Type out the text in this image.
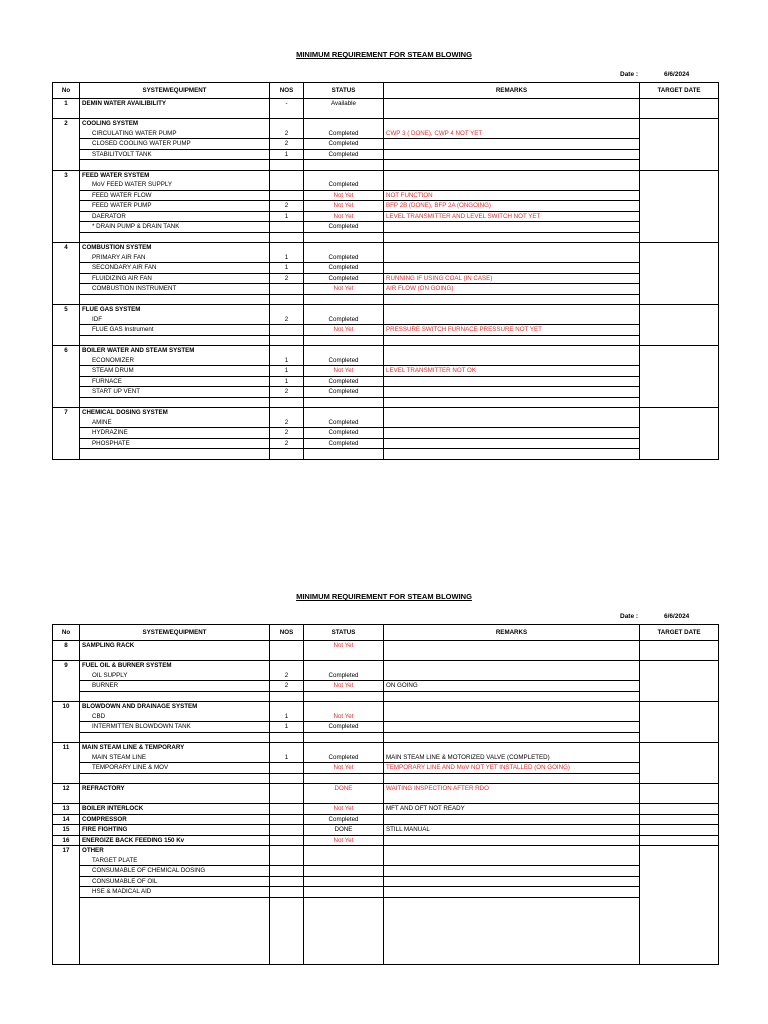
MINIMUM REQUIREMENT FOR STEAM BLOWING
Date :	6/6/2024
No	SYSTEM/EQUIPMENT	NOS	STATUS	REMARKS	TARGET DATE
1	DEMIN WATER AVAILIBILITY	-	Available		

2	COOLING SYSTEM				
	CIRCULATING WATER PUMP	2	Completed	CWP 3 ( DONE), CWP 4 NOT YET	
	CLOSED COOLING WATER PUMP	2	Completed		
	STABILITVOLT TANK	1	Completed		

3	FEED WATER SYSTEM				
	MoV FEED WATER SUPPLY		Completed		
	FEED WATER FLOW		Not Yet	NOT FUNCTION	
	FEED WATER PUMP	2	Not Yet	BFP 2B (DONE), BFP 2A (ONGOING)	
	DAERATOR	1	Not Yet	LEVEL TRANSMITTER AND LEVEL SWITCH NOT YET	
	* DRAIN PUMP & DRAIN TANK		Completed		

4	COMBUSTION SYSTEM				
	PRIMARY AIR FAN	1	Completed		
	SECONDARY AIR FAN	1	Completed		
	FLUIDIZING AIR FAN	2	Completed	RUNNING IF USING COAL (IN CASE)	
	COMBUSTION INSTRUMENT		Not Yet	AIR FLOW (ON GOING)	

5	FLUE GAS SYSTEM				
	IDF	2	Completed		
	FLUE GAS Instrument		Not Yet	PRESSURE SWITCH FURNACE PRESSURE NOT YET	

6	BOILER WATER AND STEAM SYSTEM				
	ECONOMIZER	1	Completed		
	STEAM DRUM	1	Not Yet	LEVEL TRANSMITTER NOT OK	
	FURNACE	1	Completed		
	START UP VENT	2	Completed		

7	CHEMICAL DOSING SYSTEM				
	AMINE	2	Completed		
	HYDRAZINE	2	Completed		
	PHOSPHATE	2	Completed		

MINIMUM REQUIREMENT FOR STEAM BLOWING
Date :	6/6/2024
No	SYSTEM/EQUIPMENT	NOS	STATUS	REMARKS	TARGET DATE
8	SAMPLING RACK		Not Yet		

9	FUEL OIL & BURNER SYSTEM				
	OIL SUPPLY	2	Completed		
	BURNER	2	Not Yet	ON GOING	

10	BLOWDOWN AND DRAINAGE SYSTEM				
	CBD	1	Not Yet		
	INTERMITTEN BLOWDOWN TANK	1	Completed		

11	MAIN STEAM LINE & TEMPORARY				
	MAIN STEAM LINE	1	Completed	MAIN STEAM LINE & MOTORIZED VALVE (COMPLETED)	
	TEMPORARY LINE & MOV		Not Yet	TEMPORARY LINE AND MoV NOT YET INSTALLED (ON GOING)	

12	REFRACTORY		DONE	WAITING INSPECTION AFTER RDO	

13	BOILER INTERLOCK		Not Yet	MFT AND OFT NOT READY	
14	COMPRESSOR		Completed		
15	FIRE FIGHTING		DONE	STILL MANUAL	
16	ENERGIZE BACK FEEDING 150 Kv		Not Yet		
17	OTHER				
	TARGET PLATE				
	CONSUMABLE OF CHEMICAL DOSING				
	CONSUMABLE OF OIL				
	HSE & MADICAL AID				
